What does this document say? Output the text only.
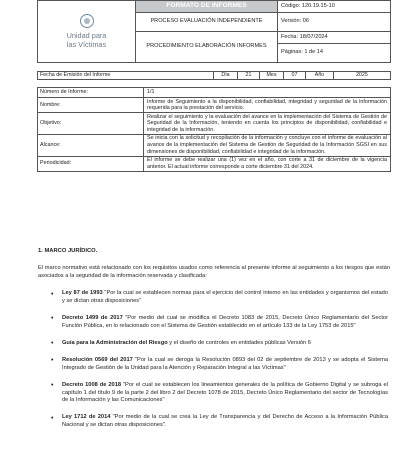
Unidad para
las Víctimas
FORMATO DE INFORMES
PROCESO EVALUACIÓN INDEPENDIENTE
PROCEDIMIENTO ELABORACIÓN INFORMES
Código: 120.19.15-10
Versión: 06
Fecha: 18/07/2024
Páginas: 1 de 14
Fecha de Emisión del Informe	Día	21	Mes	07	Año	2025
Número de Informe:	1/1
Nombre:
Informe de Seguimiento a la disponibilidad, confiabilidad, integridad y seguridad de la información requerida para la prestación del servicio.
Objetivo:
Realizar el seguimiento y la evaluación del avance en la implementación del Sistema de Gestión de Seguridad de la Información, teniendo en cuenta los principios de disponibilidad, confiabilidad e integridad de la información.
Alcance:
Se inicia con la solicitud y recopilación de la información y concluye con el informe de evaluación al avance de la implementación del Sistema de Gestión de Seguridad de la Información SGSI en sus dimensiones de disponibilidad, confiabilidad e integridad de la información.
Periodicidad:
El informe se debe realizar una (1) vez en el año, con corte a 31 de diciembre de la vigencia anterior. El actual informe corresponde a corte diciembre 31 del 2024.
1. MARCO JURÍDICO.
El marco normativo está relacionado con los requisitos usados como referencia al presente informe al seguimiento a los riesgos que están asociados a la seguridad de la información reservada y clasificada:
• Ley 87 de 1993 "Por la cual se establecen normas para el ejercicio del control interno en las entidades y organismos del estado y se dictan otras disposiciones"
• Decreto 1499 de 2017 "Por medio del cual se modifica el Decreto 1083 de 2015, Decreto Único Reglamentario del Sector Función Pública, en lo relacionado con el Sistema de Gestión establecido en el artículo 133 de la Ley 1753 de 2015"
• Guía para la Administración del Riesgo y el diseño de controles en entidades públicas Versión 6
• Resolución 0569 del 2017 "Por la cual se deroga la Resolución 0893 del 02 de septiembre de 2013 y se adopta el Sistema Integrado de Gestión de la Unidad para la Atención y Reparación Integral a las Víctimas"
• Decreto 1008 de 2018 "Por el cual se establecen los lineamientos generales de la política de Gobierno Digital y se subroga el capítulo 1 del título 9 de la parte 2 del libro 2 del Decreto 1078 de 2015, Decreto Único Reglamentario del sector de Tecnologías de la Información y las Comunicaciones"
• Ley 1712 de 2014 "Por medio de la cual se crea la Ley de Transparencia y del Derecho de Acceso a la Información Pública Nacional y se dictan otras disposiciones".
